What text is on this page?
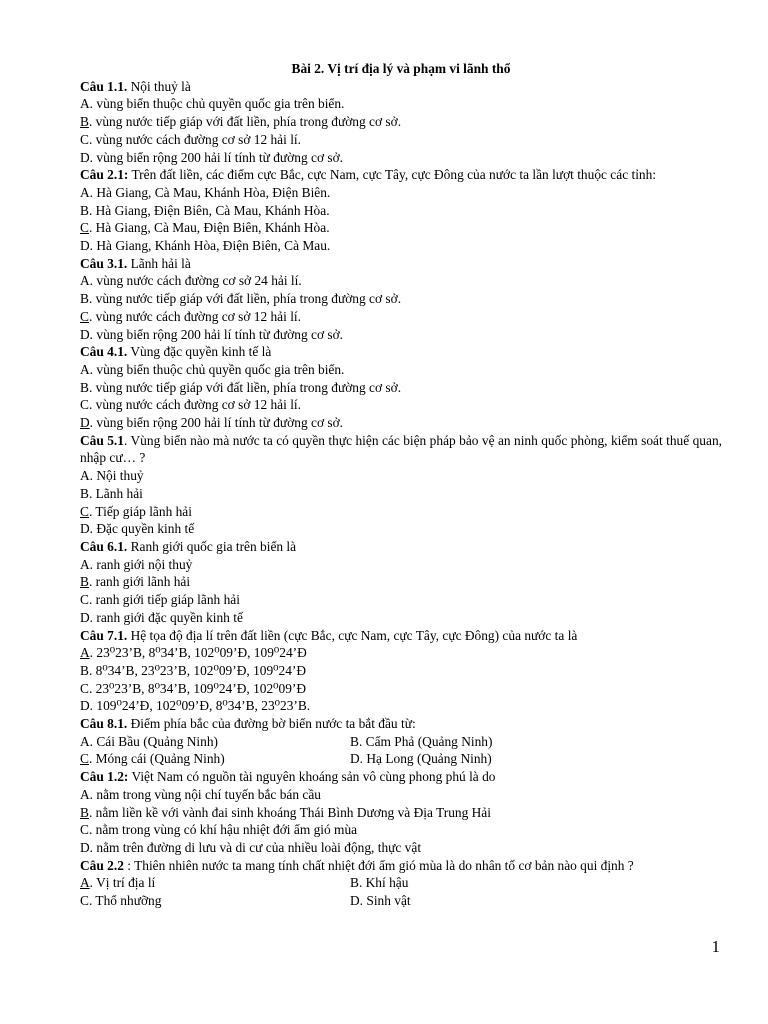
Bài 2. Vị trí địa lý và phạm vi lãnh thổ
Câu 1.1. Nội thuỷ là
A. vùng biển thuộc chủ quyền quốc gia trên biển.
B. vùng nước tiếp giáp với đất liền, phía trong đường cơ sở.
C. vùng nước cách đường cơ sở 12 hải lí.
D. vùng biển rộng 200 hải lí tính từ đường cơ sở.
Câu 2.1: Trên đất liền, các điểm cực Bắc, cực Nam, cực Tây, cực Đông của nước ta lần lượt thuộc các tỉnh:
A. Hà Giang, Cà Mau, Khánh Hòa, Điện Biên.
B. Hà Giang, Điện Biên, Cà Mau, Khánh Hòa.
C. Hà Giang, Cà Mau, Điện Biên, Khánh Hòa.
D. Hà Giang, Khánh Hòa, Điện Biên, Cà Mau.
Câu 3.1. Lãnh hải là
A. vùng nước cách đường cơ sở 24 hải lí.
B. vùng nước tiếp giáp với đất liền, phía trong đường cơ sở.
C. vùng nước cách đường cơ sở 12 hải lí.
D. vùng biển rộng 200 hải lí tính từ đường cơ sở.
Câu 4.1. Vùng đặc quyền kinh tế là
A. vùng biển thuộc chủ quyền quốc gia trên biển.
B. vùng nước tiếp giáp với đất liền, phía trong đường cơ sở.
C. vùng nước cách đường cơ sở 12 hải lí.
D. vùng biển rộng 200 hải lí tính từ đường cơ sở.
Câu 5.1. Vùng biển nào mà nước ta có quyền thực hiện các biện pháp bảo vệ an ninh quốc phòng, kiểm soát thuế quan, nhập cư… ?
A. Nội thuỷ
B. Lãnh hải
C. Tiếp giáp lãnh hải
D. Đặc quyền kinh tế
Câu 6.1. Ranh giới quốc gia trên biển là
A. ranh giới nội thuỷ
B. ranh giới lãnh hải
C. ranh giới tiếp giáp lãnh hải
D. ranh giới đặc quyền kinh tế
Câu 7.1. Hệ tọa độ địa lí trên đất liền (cực Bắc, cực Nam, cực Tây, cực Đông) của nước ta là
A. 23⁰23’B, 8⁰34’B, 102⁰09’Đ, 109⁰24’Đ
B. 8⁰34’B, 23⁰23’B, 102⁰09’Đ, 109⁰24’Đ
C. 23⁰23’B, 8⁰34’B, 109⁰24’Đ, 102⁰09’Đ
D. 109⁰24’Đ, 102⁰09’Đ, 8⁰34’B, 23⁰23’B.
Câu 8.1. Điểm phía bắc của đường bờ biển nước ta bắt đầu từ:
A. Cái Bầu (Quảng Ninh)	B. Cẩm Phả (Quảng Ninh)
C. Móng cái (Quảng Ninh)	D. Hạ Long (Quảng Ninh)
Câu 1.2: Việt Nam có nguồn tài nguyên khoáng sản vô cùng phong phú là do
A. nằm trong vùng nội chí tuyến bắc bán cầu
B. nằm liền kề với vành đai sinh khoáng Thái Bình Dương và Địa Trung Hải
C. nằm trong vùng có khí hậu nhiệt đới ẩm gió mùa
D. nằm trên đường di lưu và di cư của nhiều loài động, thực vật
Câu 2.2 : Thiên nhiên nước ta mang tính chất nhiệt đới ẩm gió mùa là do nhân tố cơ bản nào qui định ?
A. Vị trí địa lí	B. Khí hậu
C. Thổ nhưỡng	D. Sinh vật
1
